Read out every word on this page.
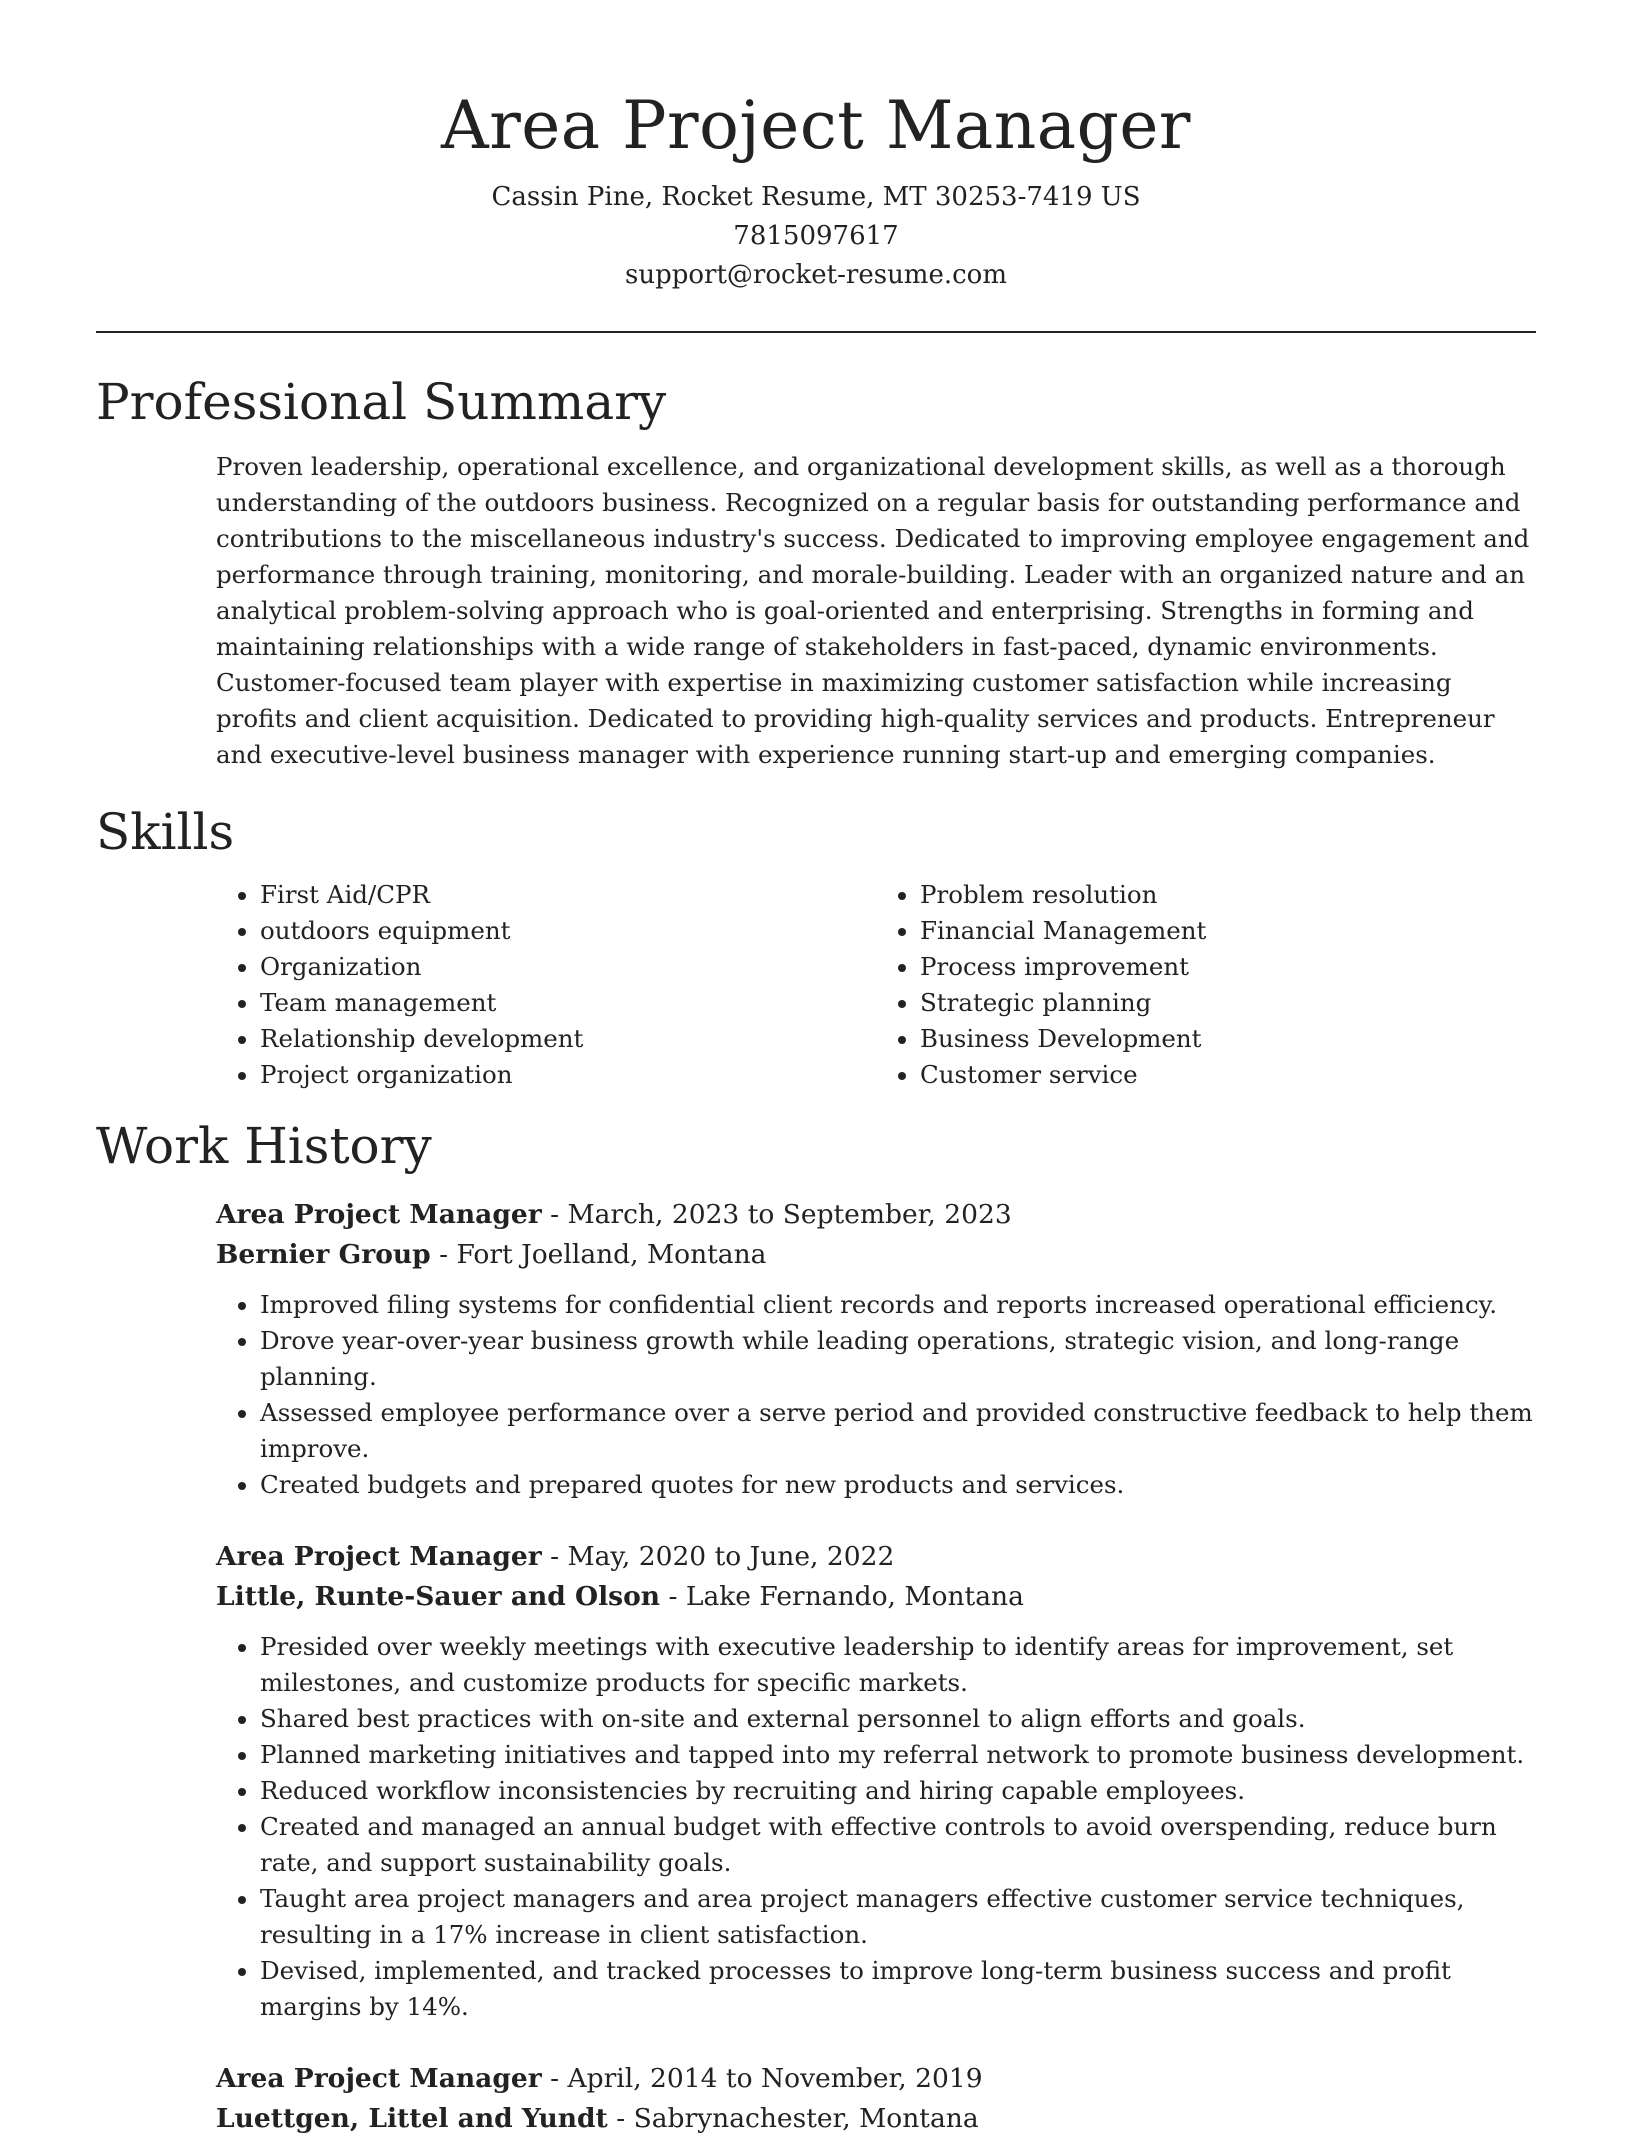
Area Project Manager
Cassin Pine, Rocket Resume, MT 30253-7419 US
7815097617
support@rocket-resume.com
Professional Summary
Proven leadership, operational excellence, and organizational development skills, as well as a thorough understanding of the outdoors business. Recognized on a regular basis for outstanding performance and contributions to the miscellaneous industry's success. Dedicated to improving employee engagement and performance through training, monitoring, and morale-building. Leader with an organized nature and an analytical problem-solving approach who is goal-oriented and enterprising. Strengths in forming and maintaining relationships with a wide range of stakeholders in fast-paced, dynamic environments. Customer-focused team player with expertise in maximizing customer satisfaction while increasing profits and client acquisition. Dedicated to providing high-quality services and products. Entrepreneur and executive-level business manager with experience running start-up and emerging companies.
Skills
• First Aid/CPR
• outdoors equipment
• Organization
• Team management
• Relationship development
• Project organization
• Problem resolution
• Financial Management
• Process improvement
• Strategic planning
• Business Development
• Customer service
Work History
Area Project Manager - March, 2023 to September, 2023
Bernier Group - Fort Joelland, Montana
• Improved filing systems for confidential client records and reports increased operational efficiency.
• Drove year-over-year business growth while leading operations, strategic vision, and long-range planning.
• Assessed employee performance over a serve period and provided constructive feedback to help them improve.
• Created budgets and prepared quotes for new products and services.
Area Project Manager - May, 2020 to June, 2022
Little, Runte-Sauer and Olson - Lake Fernando, Montana
• Presided over weekly meetings with executive leadership to identify areas for improvement, set milestones, and customize products for specific markets.
• Shared best practices with on-site and external personnel to align efforts and goals.
• Planned marketing initiatives and tapped into my referral network to promote business development.
• Reduced workflow inconsistencies by recruiting and hiring capable employees.
• Created and managed an annual budget with effective controls to avoid overspending, reduce burn rate, and support sustainability goals.
• Taught area project managers and area project managers effective customer service techniques, resulting in a 17% increase in client satisfaction.
• Devised, implemented, and tracked processes to improve long-term business success and profit margins by 14%.
Area Project Manager - April, 2014 to November, 2019
Luettgen, Littel and Yundt - Sabrynachester, Montana
